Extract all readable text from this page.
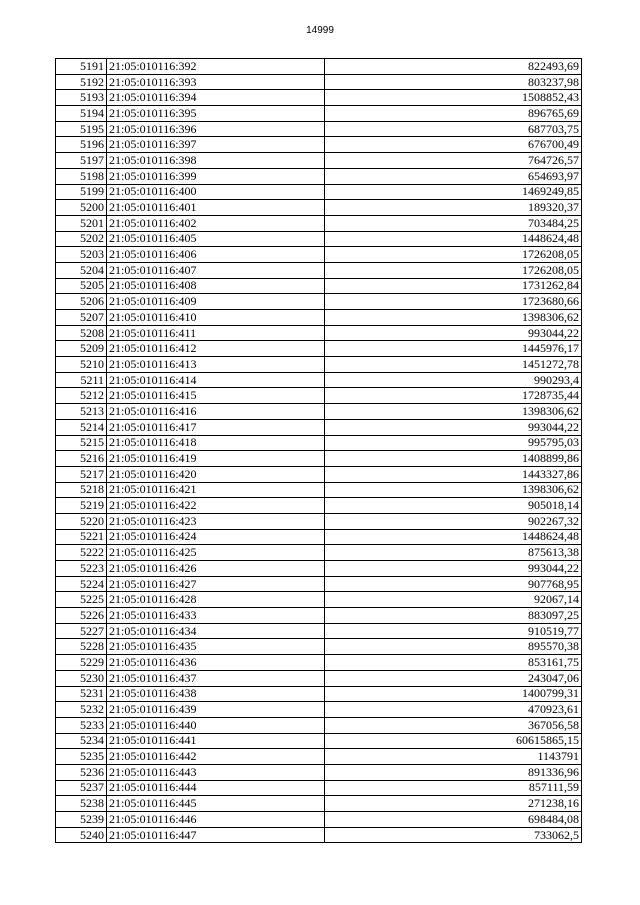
14999
5191	21:05:010116:392	822493,69
5192	21:05:010116:393	803237,98
5193	21:05:010116:394	1508852,43
5194	21:05:010116:395	896765,69
5195	21:05:010116:396	687703,75
5196	21:05:010116:397	676700,49
5197	21:05:010116:398	764726,57
5198	21:05:010116:399	654693,97
5199	21:05:010116:400	1469249,85
5200	21:05:010116:401	189320,37
5201	21:05:010116:402	703484,25
5202	21:05:010116:405	1448624,48
5203	21:05:010116:406	1726208,05
5204	21:05:010116:407	1726208,05
5205	21:05:010116:408	1731262,84
5206	21:05:010116:409	1723680,66
5207	21:05:010116:410	1398306,62
5208	21:05:010116:411	993044,22
5209	21:05:010116:412	1445976,17
5210	21:05:010116:413	1451272,78
5211	21:05:010116:414	990293,4
5212	21:05:010116:415	1728735,44
5213	21:05:010116:416	1398306,62
5214	21:05:010116:417	993044,22
5215	21:05:010116:418	995795,03
5216	21:05:010116:419	1408899,86
5217	21:05:010116:420	1443327,86
5218	21:05:010116:421	1398306,62
5219	21:05:010116:422	905018,14
5220	21:05:010116:423	902267,32
5221	21:05:010116:424	1448624,48
5222	21:05:010116:425	875613,38
5223	21:05:010116:426	993044,22
5224	21:05:010116:427	907768,95
5225	21:05:010116:428	92067,14
5226	21:05:010116:433	883097,25
5227	21:05:010116:434	910519,77
5228	21:05:010116:435	895570,38
5229	21:05:010116:436	853161,75
5230	21:05:010116:437	243047,06
5231	21:05:010116:438	1400799,31
5232	21:05:010116:439	470923,61
5233	21:05:010116:440	367056,58
5234	21:05:010116:441	60615865,15
5235	21:05:010116:442	1143791
5236	21:05:010116:443	891336,96
5237	21:05:010116:444	857111,59
5238	21:05:010116:445	271238,16
5239	21:05:010116:446	698484,08
5240	21:05:010116:447	733062,5
